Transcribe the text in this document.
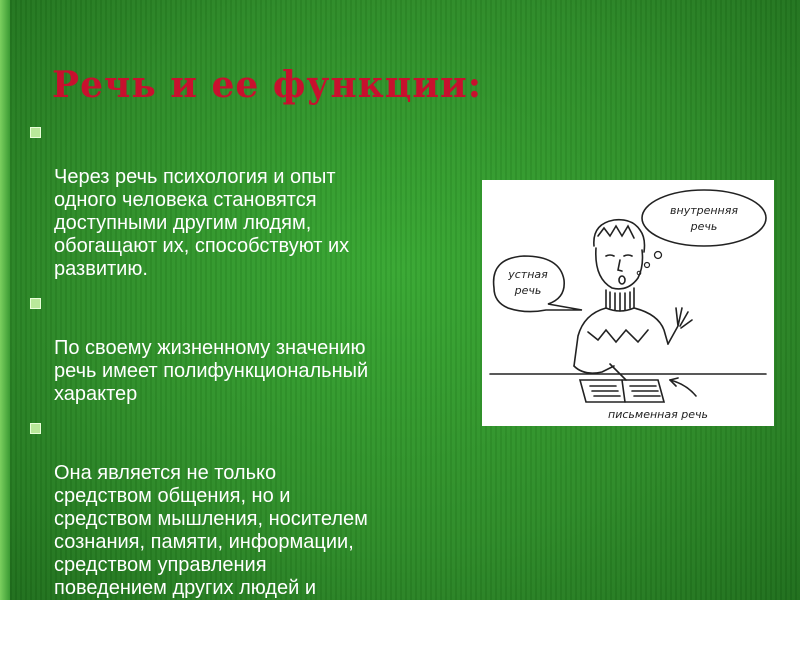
Речь и ее функции:

Через речь психология и опыт
одного человека становятся
доступными другим людям,
обогащают их, способствуют их
развитию.

По своему жизненному значению
речь имеет полифункциональный
характер

Она является не только
средством общения, но и
средством мышления, носителем
сознания, памяти, информации,
средством управления
поведением других людей и
регуляции собственного
поведения человека.

внутренняя
речь
устная
речь
письменная речь
